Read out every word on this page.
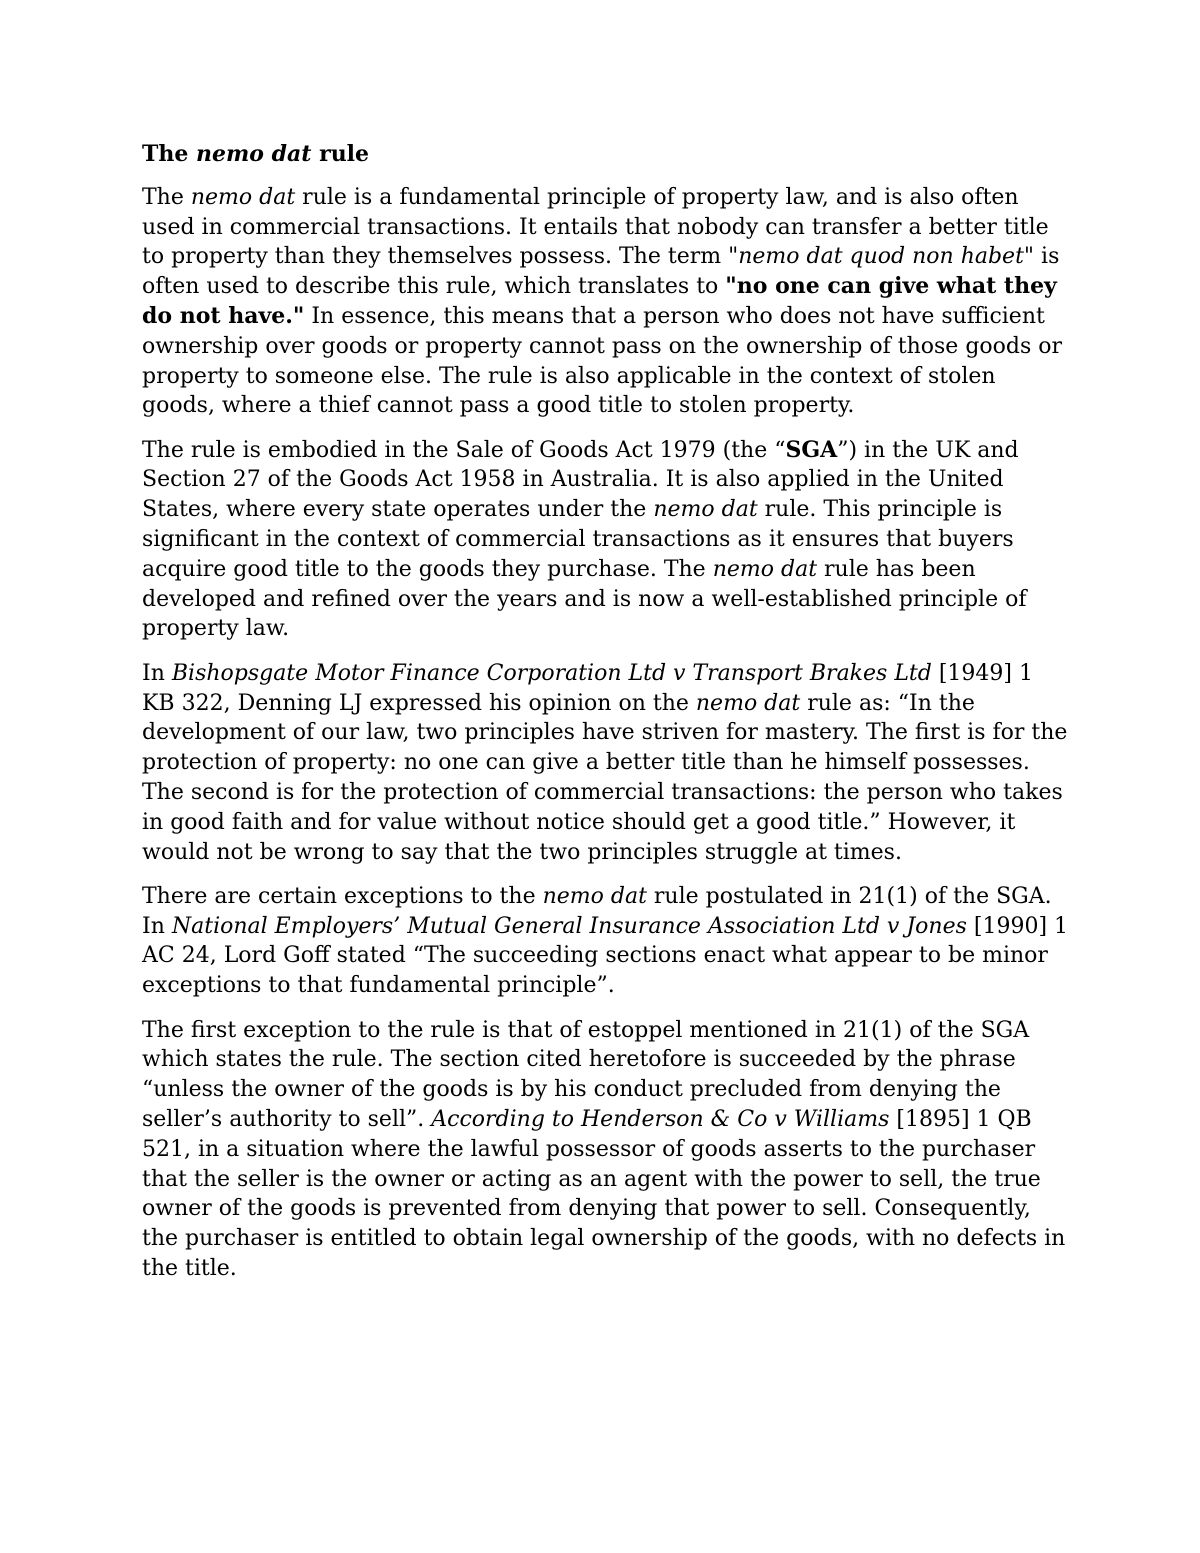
The nemo dat rule
The nemo dat rule is a fundamental principle of property law, and is also often used in commercial transactions. It entails that nobody can transfer a better title to property than they themselves possess. The term "nemo dat quod non habet" is often used to describe this rule, which translates to "no one can give what they do not have." In essence, this means that a person who does not have sufficient ownership over goods or property cannot pass on the ownership of those goods or property to someone else. The rule is also applicable in the context of stolen goods, where a thief cannot pass a good title to stolen property.
The rule is embodied in the Sale of Goods Act 1979 (the “SGA”) in the UK and Section 27 of the Goods Act 1958 in Australia. It is also applied in the United States, where every state operates under the nemo dat rule. This principle is significant in the context of commercial transactions as it ensures that buyers acquire good title to the goods they purchase. The nemo dat rule has been developed and refined over the years and is now a well-established principle of property law.
In Bishopsgate Motor Finance Corporation Ltd v Transport Brakes Ltd [1949] 1 KB 322, Denning LJ expressed his opinion on the nemo dat rule as: “In the development of our law, two principles have striven for mastery. The first is for the protection of property: no one can give a better title than he himself possesses. The second is for the protection of commercial transactions: the person who takes in good faith and for value without notice should get a good title.” However, it would not be wrong to say that the two principles struggle at times.
There are certain exceptions to the nemo dat rule postulated in 21(1) of the SGA. In National Employers’ Mutual General Insurance Association Ltd v Jones [1990] 1 AC 24, Lord Goff stated “The succeeding sections enact what appear to be minor exceptions to that fundamental principle”.
The first exception to the rule is that of estoppel mentioned in 21(1) of the SGA which states the rule. The section cited heretofore is succeeded by the phrase “unless the owner of the goods is by his conduct precluded from denying the seller’s authority to sell”. According to Henderson & Co v Williams [1895] 1 QB 521, in a situation where the lawful possessor of goods asserts to the purchaser that the seller is the owner or acting as an agent with the power to sell, the true owner of the goods is prevented from denying that power to sell. Consequently, the purchaser is entitled to obtain legal ownership of the goods, with no defects in the title.
